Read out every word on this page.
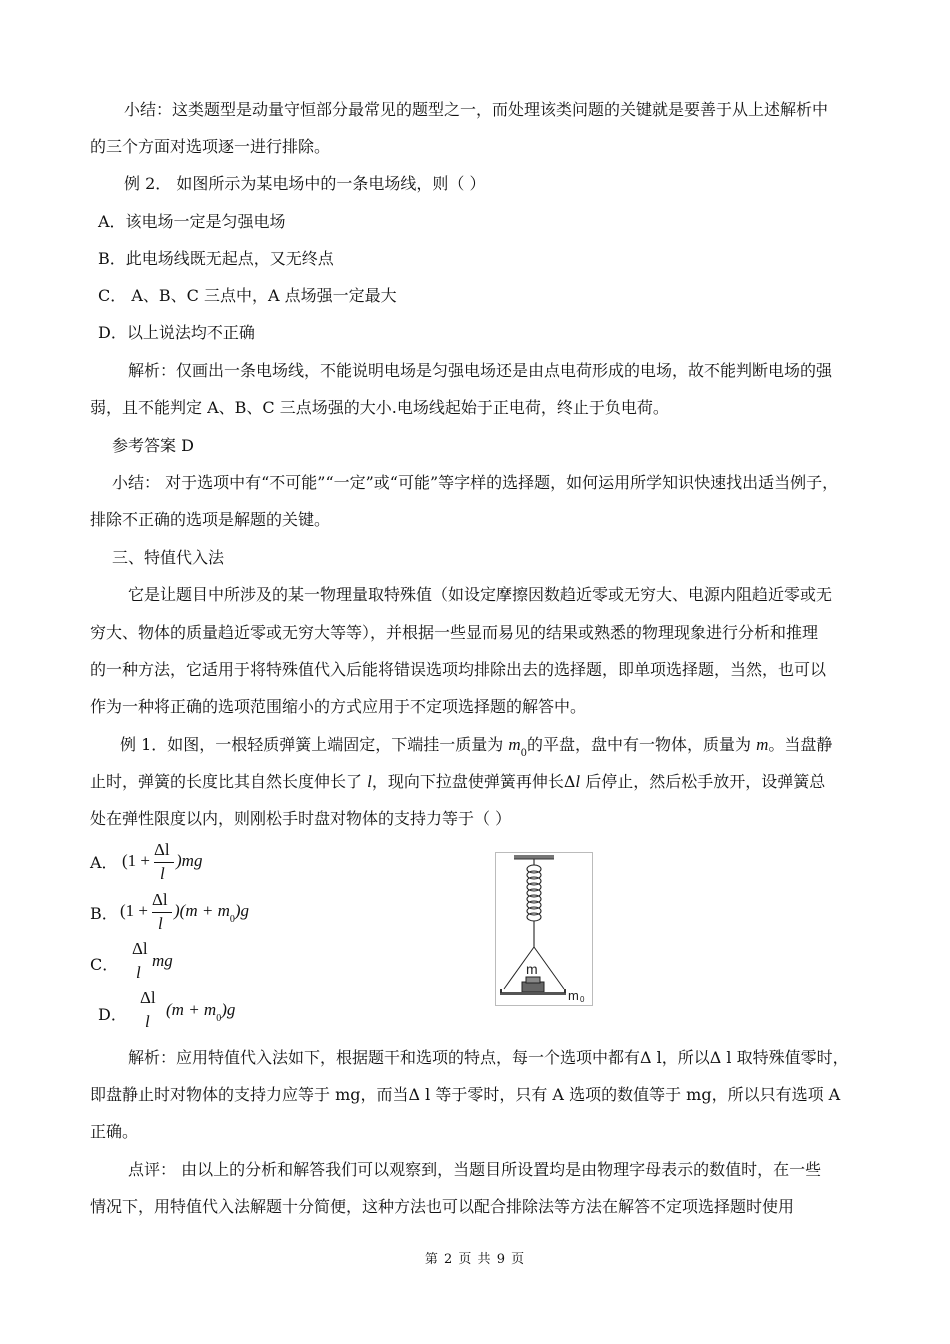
小结：这类题型是动量守恒部分最常见的题型之一，而处理该类问题的关键就是要善于从上述解析中
的三个方面对选项逐一进行排除。
例 2． 如图所示为某电场中的一条电场线，则（ ）
A．该电场一定是匀强电场
B．此电场线既无起点，又无终点
C． A、B、C 三点中，A 点场强一定最大
D．以上说法均不正确
解析：仅画出一条电场线，不能说明电场是匀强电场还是由点电荷形成的电场，故不能判断电场的强
弱，且不能判定 A、B、C 三点场强的大小.电场线起始于正电荷，终止于负电荷。
参考答案 D
小结： 对于选项中有“不可能”“一定”或“可能”等字样的选择题，如何运用所学知识快速找出适当例子，
排除不正确的选项是解题的关键。
三、特值代入法
它是让题目中所涉及的某一物理量取特殊值（如设定摩擦因数趋近零或无穷大、电源内阻趋近零或无
穷大、物体的质量趋近零或无穷大等等），并根据一些显而易见的结果或熟悉的物理现象进行分析和推理
的一种方法，它适用于将特殊值代入后能将错误选项均排除出去的选择题，即单项选择题，当然，也可以
作为一种将正确的选项范围缩小的方式应用于不定项选择题的解答中。
例 1．如图，一根轻质弹簧上端固定，下端挂一质量为 $m_0$的平盘，盘中有一物体，质量为 m。当盘静
止时，弹簧的长度比其自然长度伸长了 l，现向下拉盘使弹簧再伸长Δl 后停止，然后松手放开，设弹簧总
处在弹性限度以内，则刚松手时盘对物体的支持力等于（ ）
A． (1 +
Δl
l
)mg
B． (1 +
Δl
l
)$(m + m_0)g$
C．
Δl
l
mg
D．
Δl
l
$(m + m_0)g$
m
m 0
解析：应用特值代入法如下，根据题干和选项的特点，每一个选项中都有Δ l，所以Δ l 取特殊值零时，
即盘静止时对物体的支持力应等于 mg，而当Δ l 等于零时，只有 A 选项的数值等于 mg，所以只有选项 A
正确。
点评： 由以上的分析和解答我们可以观察到，当题目所设置均是由物理字母表示的数值时，在一些
情况下，用特值代入法解题十分简便，这种方法也可以配合排除法等方法在解答不定项选择题时使用
第 2 页 共 9 页
